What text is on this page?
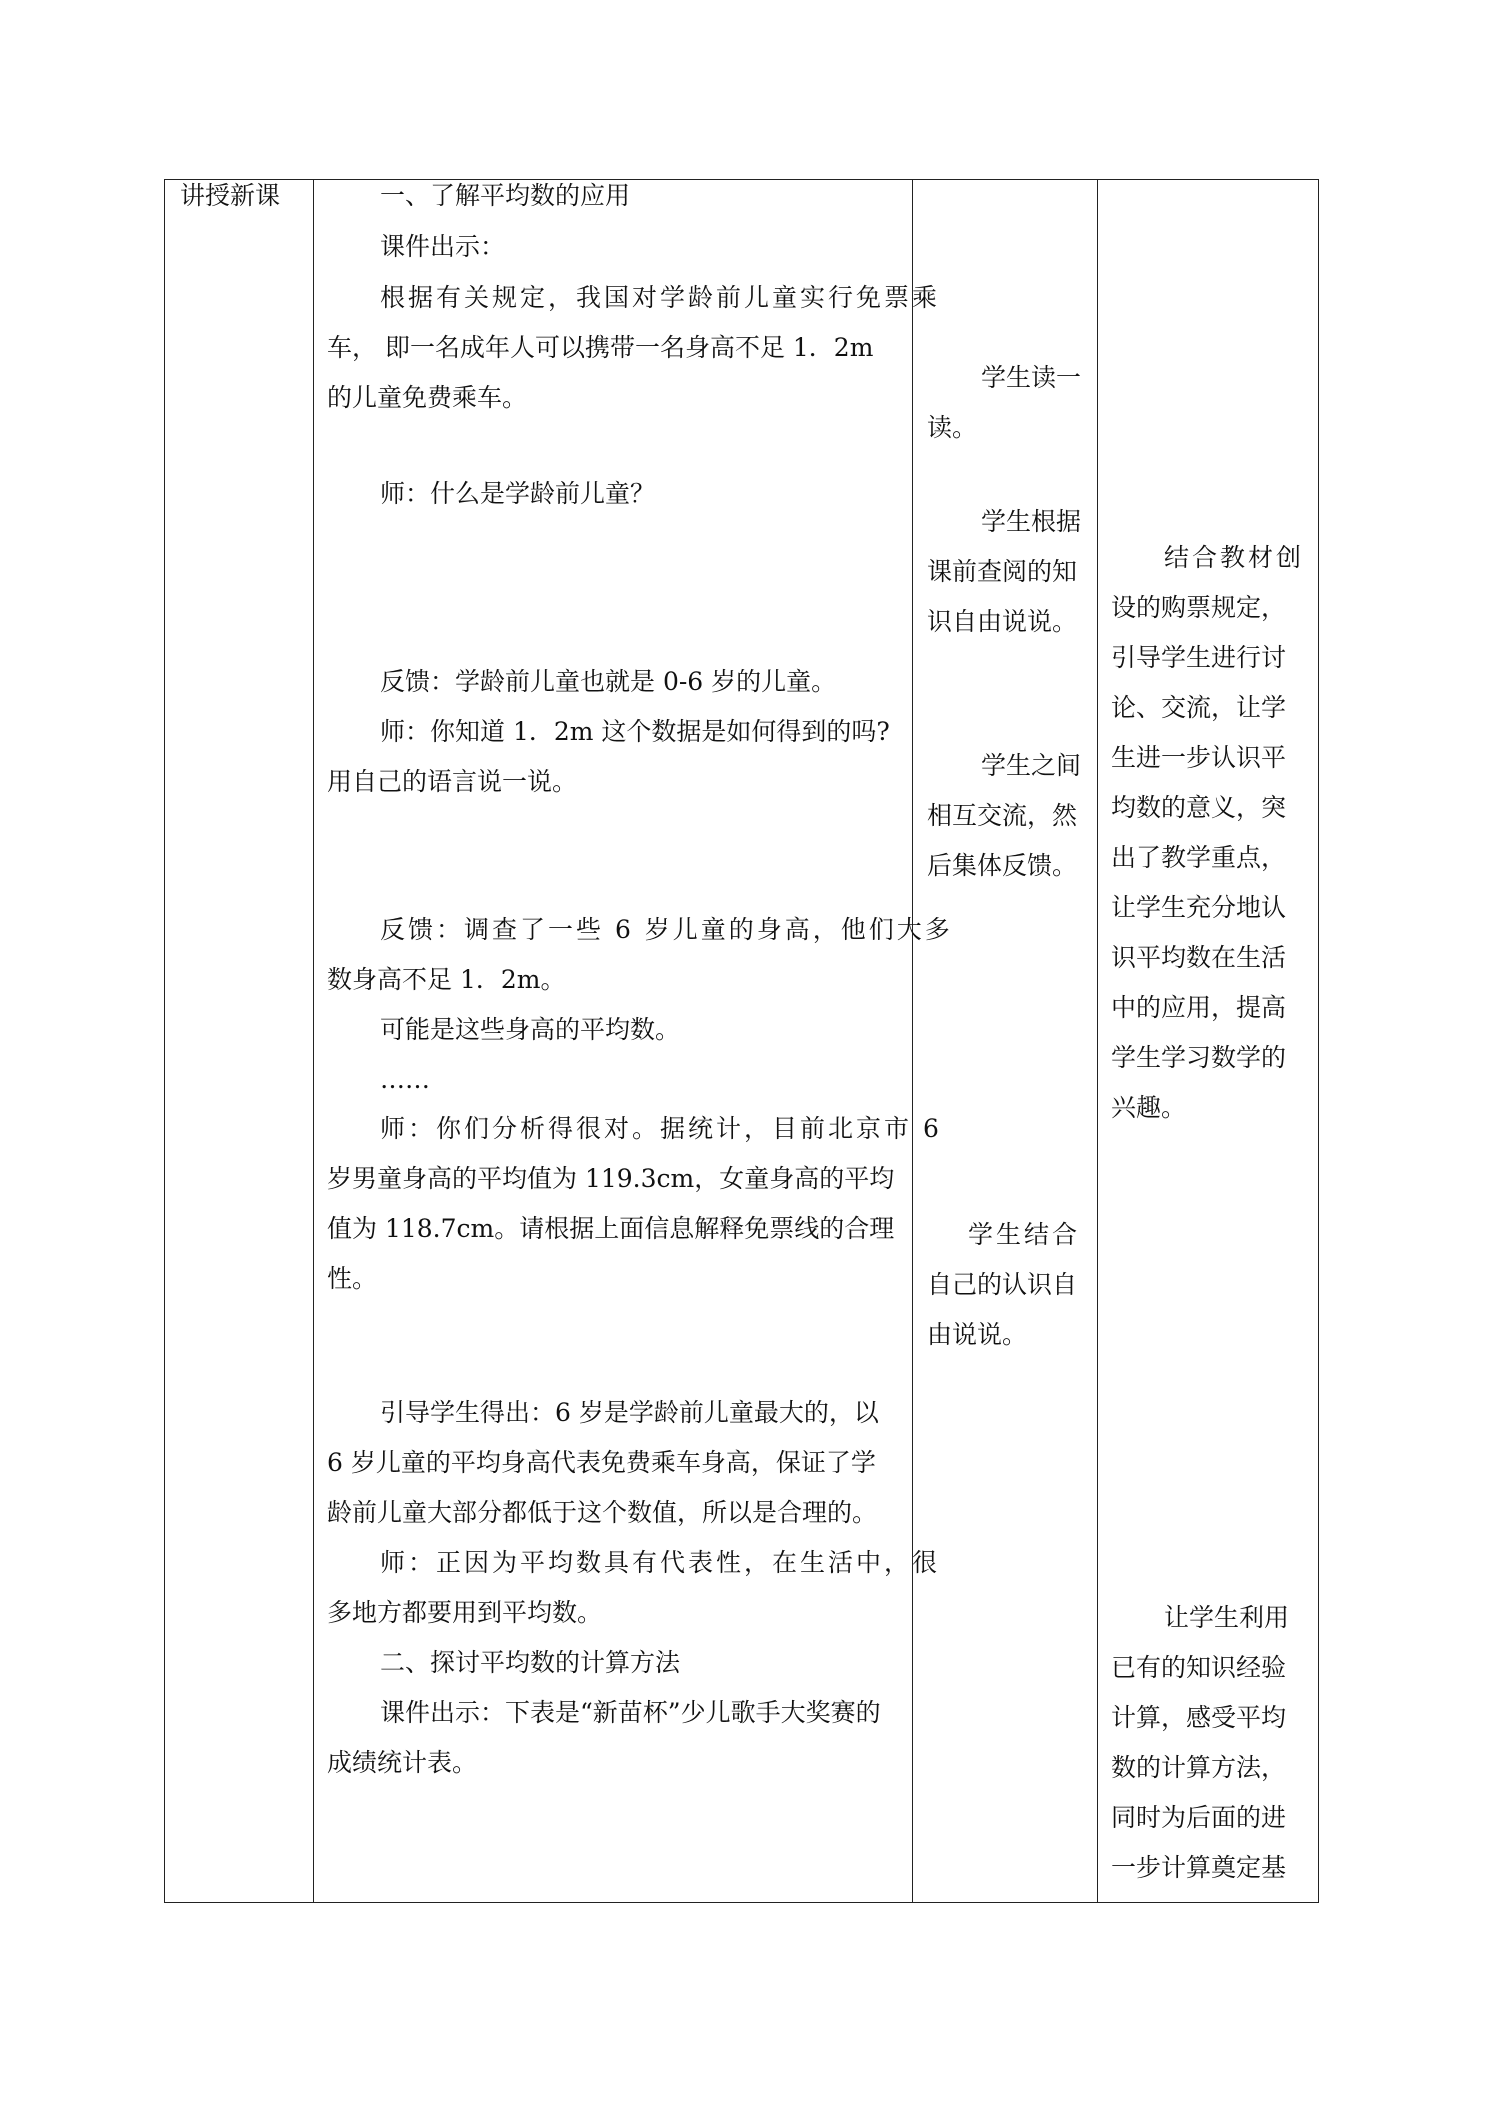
讲授新课	一、了解平均数的应用

课件出示：

根据有关规定，我国对学龄前儿童实行免票乘

车， 即一名成年人可以携带一名身高不足 1．2m

的儿童免费乘车。

师：什么是学龄前儿童？

反馈：学龄前儿童也就是 0-6 岁的儿童。

师：你知道 1．2m 这个数据是如何得到的吗?

用自己的语言说一说。

反馈：调查了一些 6 岁儿童的身高，他们大多

数身高不足 1．2m。

可能是这些身高的平均数。

……

师：你们分析得很对。据统计，目前北京市 6

岁男童身高的平均值为 119.3cm，女童身高的平均

值为 118.7cm。请根据上面信息解释免票线的合理

性。

引导学生得出：6 岁是学龄前儿童最大的，以

6 岁儿童的平均身高代表免费乘车身高，保证了学

龄前儿童大部分都低于这个数值，所以是合理的。

师：正因为平均数具有代表性，在生活中，很

多地方都要用到平均数。

二、探讨平均数的计算方法

课件出示：下表是“新苗杯”少儿歌手大奖赛的

成绩统计表。

学生读一

读。

学生根据

课前查阅的知

识自由说说。

学生之间

相互交流，然

后集体反馈。

学生结合

自己的认识自

由说说。

结合教材创

设的购票规定，

引导学生进行讨

论、交流，让学

生进一步认识平

均数的意义，突

出了教学重点，

让学生充分地认

识平均数在生活

中的应用，提高

学生学习数学的

兴趣。

让学生利用

已有的知识经验

计算，感受平均

数的计算方法，

同时为后面的进

一步计算奠定基
